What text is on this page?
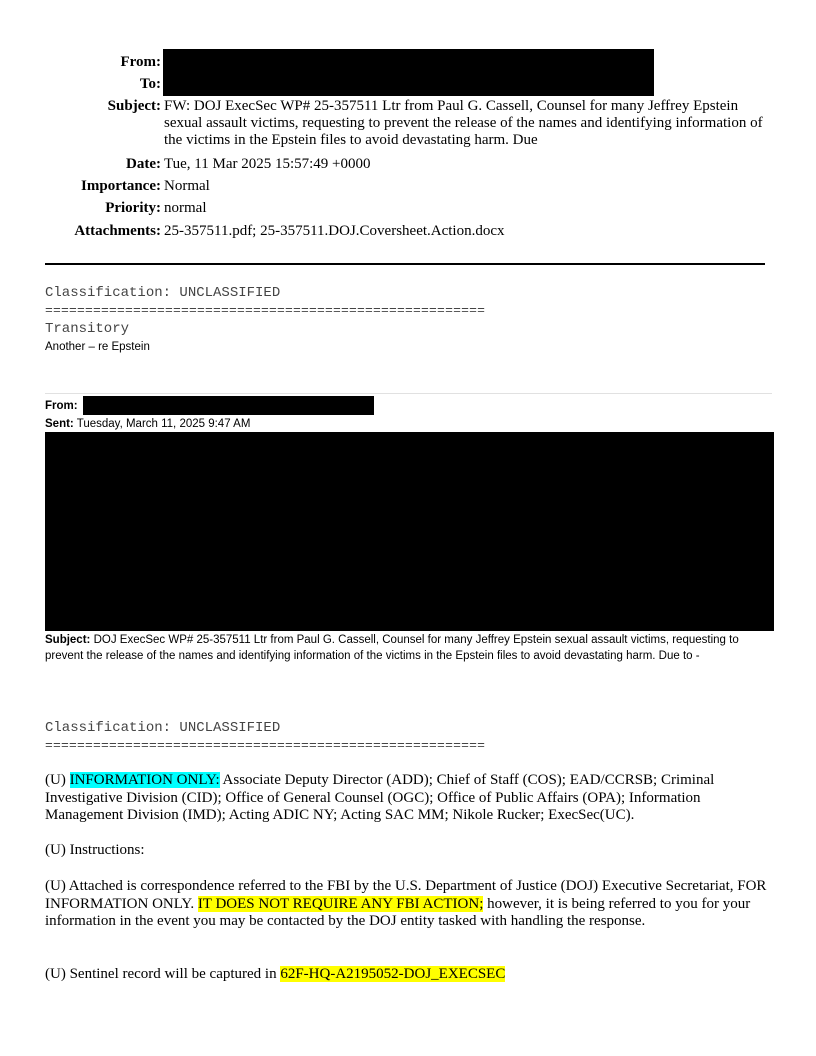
From:
To:
Subject: FW: DOJ ExecSec WP# 25-357511 Ltr from Paul G. Cassell, Counsel for many Jeffrey Epstein sexual assault victims, requesting to prevent the release of the names and identifying information of the victims in the Epstein files to avoid devastating harm. Due
Date: Tue, 11 Mar 2025 15:57:49 +0000
Importance: Normal
Priority: normal
Attachments: 25-357511.pdf; 25-357511.DOJ.Coversheet.Action.docx
Classification: UNCLASSIFIED
=======================================================
Transitory
Another – re Epstein
From:
Sent: Tuesday, March 11, 2025 9:47 AM
Subject: DOJ ExecSec WP# 25-357511 Ltr from Paul G. Cassell, Counsel for many Jeffrey Epstein sexual assault victims, requesting to prevent the release of the names and identifying information of the victims in the Epstein files to avoid devastating harm. Due to -
Classification: UNCLASSIFIED
=======================================================
(U) INFORMATION ONLY: Associate Deputy Director (ADD); Chief of Staff (COS); EAD/CCRSB; Criminal Investigative Division (CID); Office of General Counsel (OGC); Office of Public Affairs (OPA); Information Management Division (IMD); Acting ADIC NY; Acting SAC MM; Nikole Rucker; ExecSec(UC).
(U) Instructions:
(U) Attached is correspondence referred to the FBI by the U.S. Department of Justice (DOJ) Executive Secretariat, FOR INFORMATION ONLY. IT DOES NOT REQUIRE ANY FBI ACTION; however, it is being referred to you for your information in the event you may be contacted by the DOJ entity tasked with handling the response.
(U) Sentinel record will be captured in 62F-HQ-A2195052-DOJ_EXECSEC
